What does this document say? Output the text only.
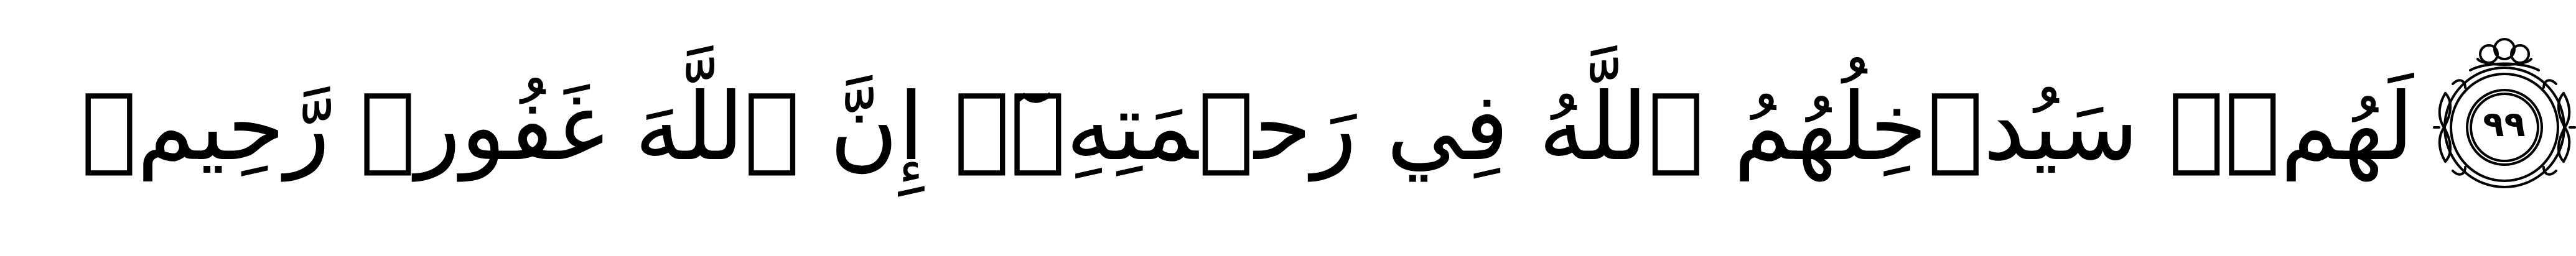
لَهُمۡۚ سَيُدۡخِلُهُمُ ٱللَّهُ فِي رَحۡمَتِهِۦٓۚ إِنَّ ٱللَّهَ غَفُورٞ رَّحِيمٞ	٩٩
